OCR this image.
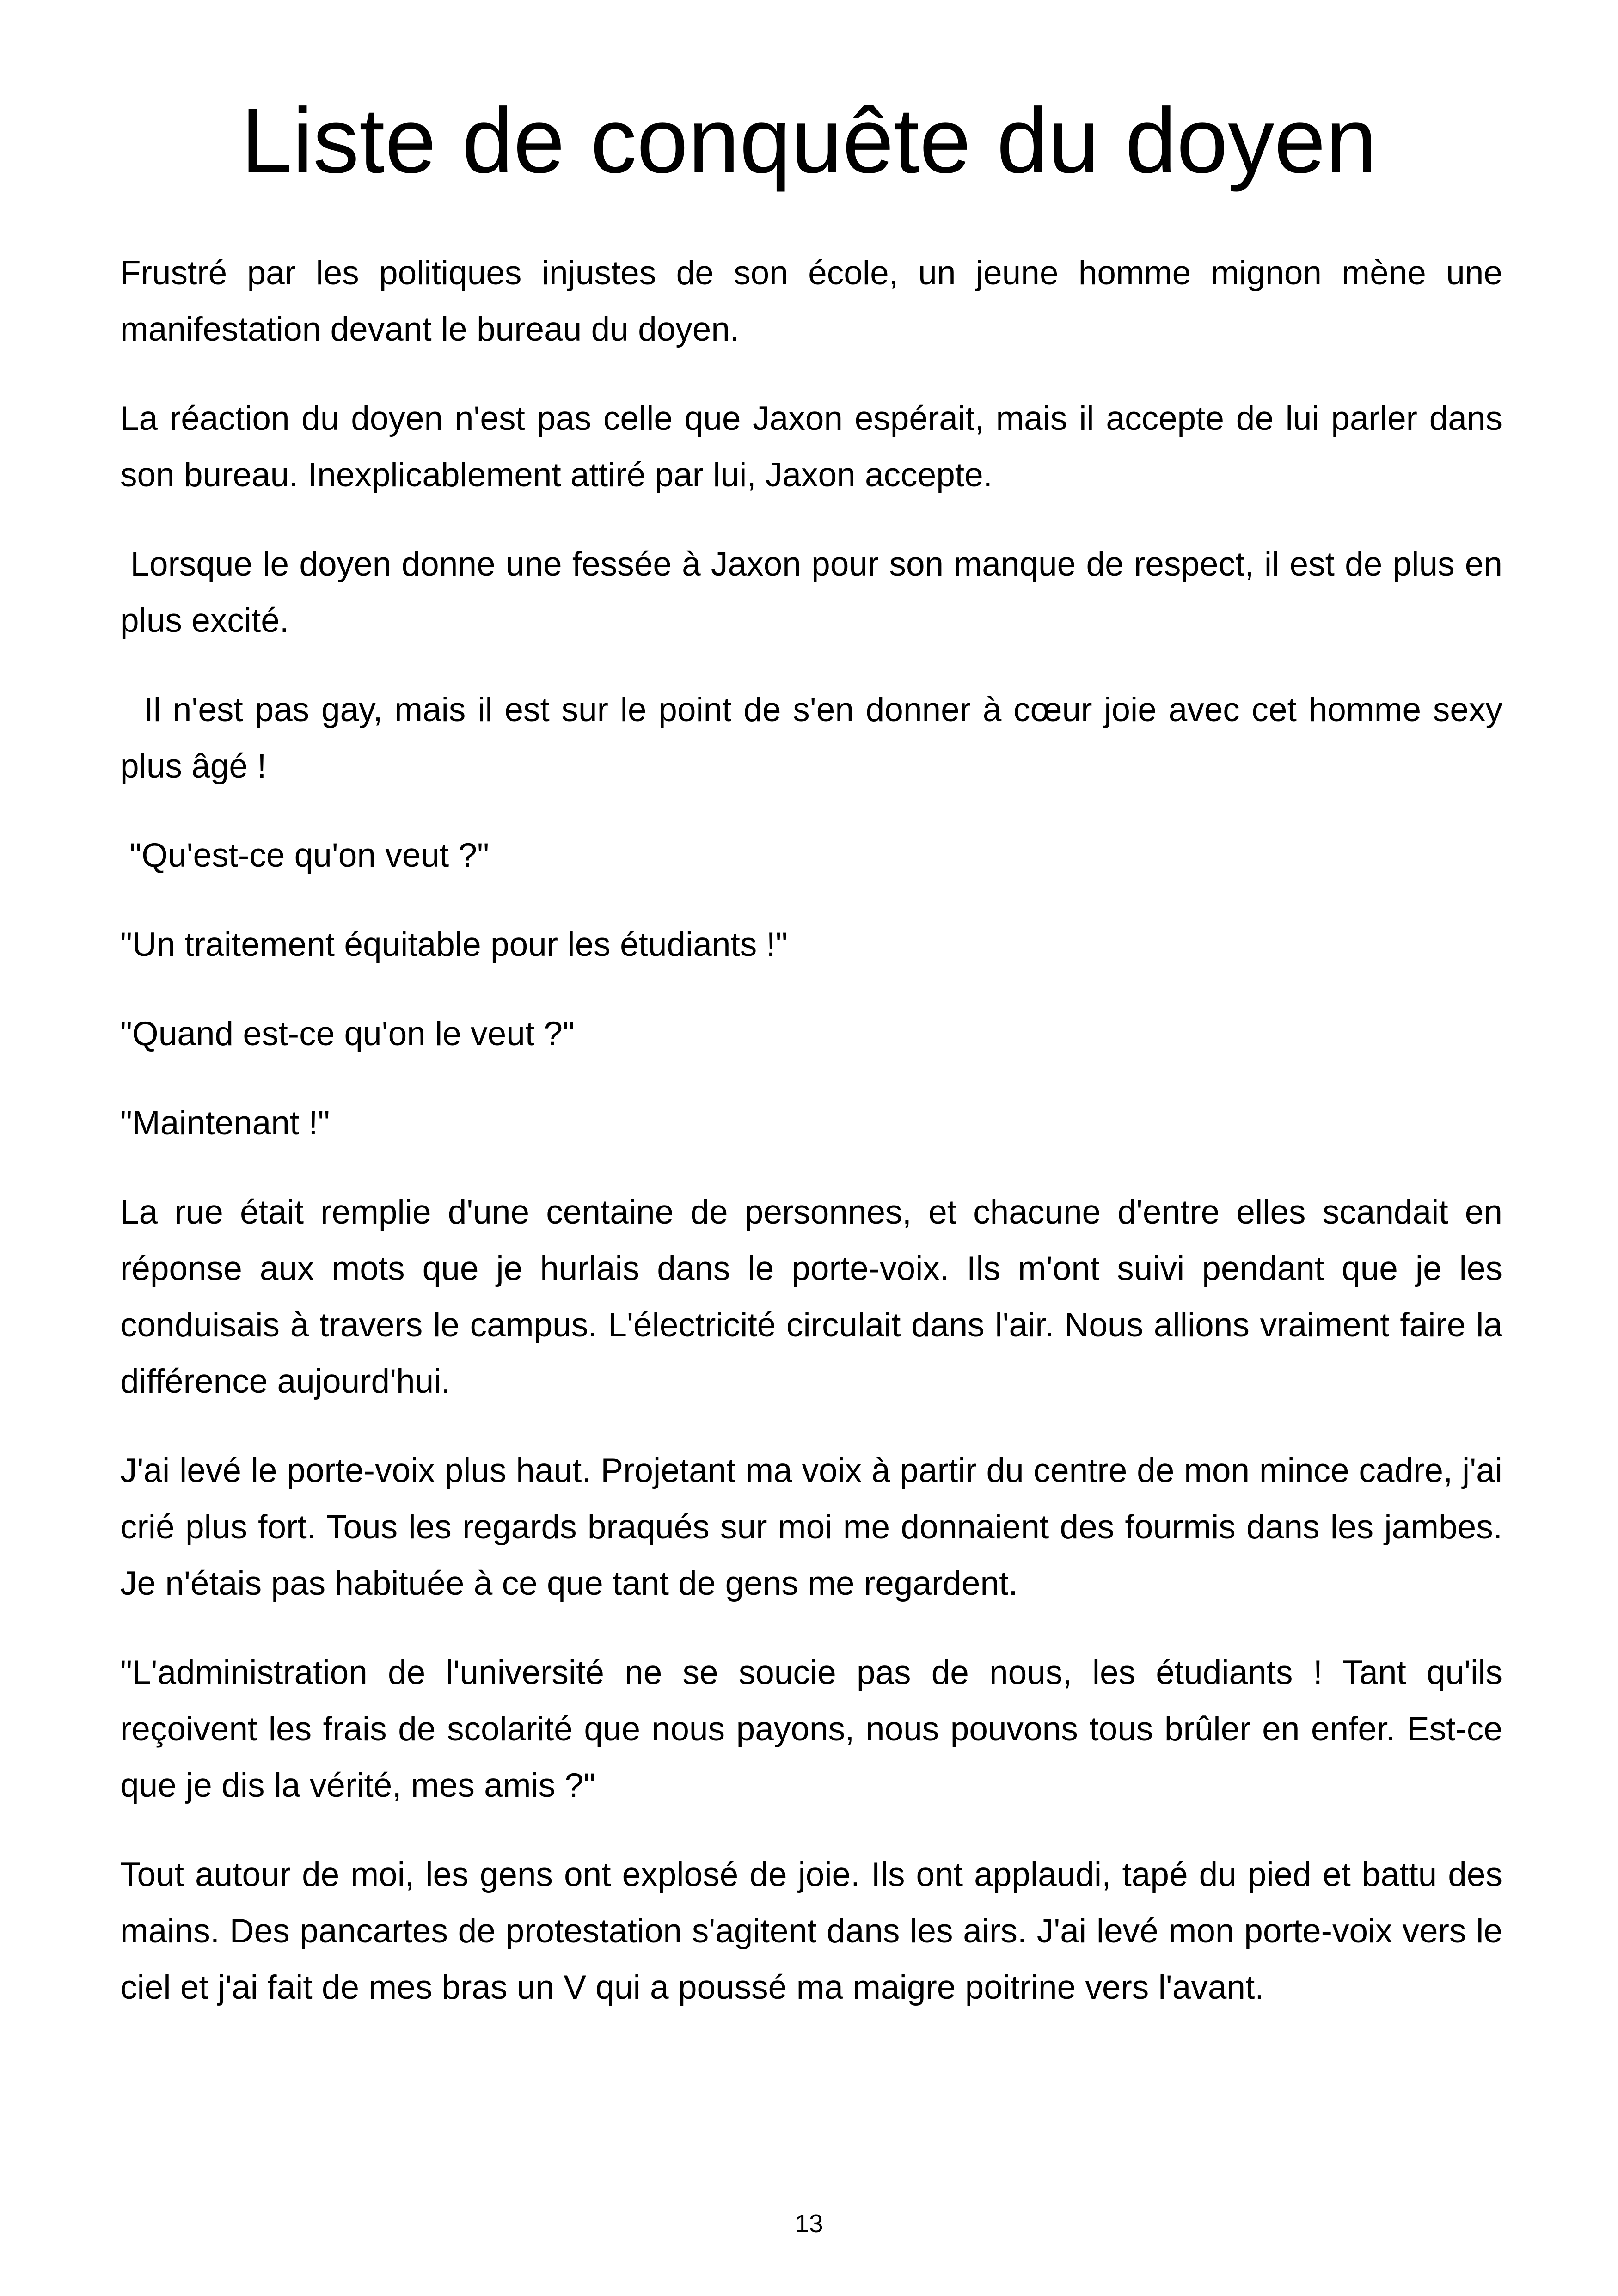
Liste de conquête du doyen

Frustré par les politiques injustes de son école, un jeune homme mignon mène une manifestation devant le bureau du doyen.

La réaction du doyen n'est pas celle que Jaxon espérait, mais il accepte de lui parler dans son bureau. Inexplicablement attiré par lui, Jaxon accepte.

Lorsque le doyen donne une fessée à Jaxon pour son manque de respect, il est de plus en plus excité.

Il n'est pas gay, mais il est sur le point de s'en donner à cœur joie avec cet homme sexy plus âgé !

"Qu'est-ce qu'on veut ?"

"Un traitement équitable pour les étudiants !"

"Quand est-ce qu'on le veut ?"

"Maintenant !"

La rue était remplie d'une centaine de personnes, et chacune d'entre elles scandait en réponse aux mots que je hurlais dans le porte-voix. Ils m'ont suivi pendant que je les conduisais à travers le campus. L'électricité circulait dans l'air. Nous allions vraiment faire la différence aujourd'hui.

J'ai levé le porte-voix plus haut. Projetant ma voix à partir du centre de mon mince cadre, j'ai crié plus fort. Tous les regards braqués sur moi me donnaient des fourmis dans les jambes. Je n'étais pas habituée à ce que tant de gens me regardent.

"L'administration de l'université ne se soucie pas de nous, les étudiants ! Tant qu'ils reçoivent les frais de scolarité que nous payons, nous pouvons tous brûler en enfer. Est-ce que je dis la vérité, mes amis ?"

Tout autour de moi, les gens ont explosé de joie. Ils ont applaudi, tapé du pied et battu des mains. Des pancartes de protestation s'agitent dans les airs. J'ai levé mon porte-voix vers le ciel et j'ai fait de mes bras un V qui a poussé ma maigre poitrine vers l'avant.

13
